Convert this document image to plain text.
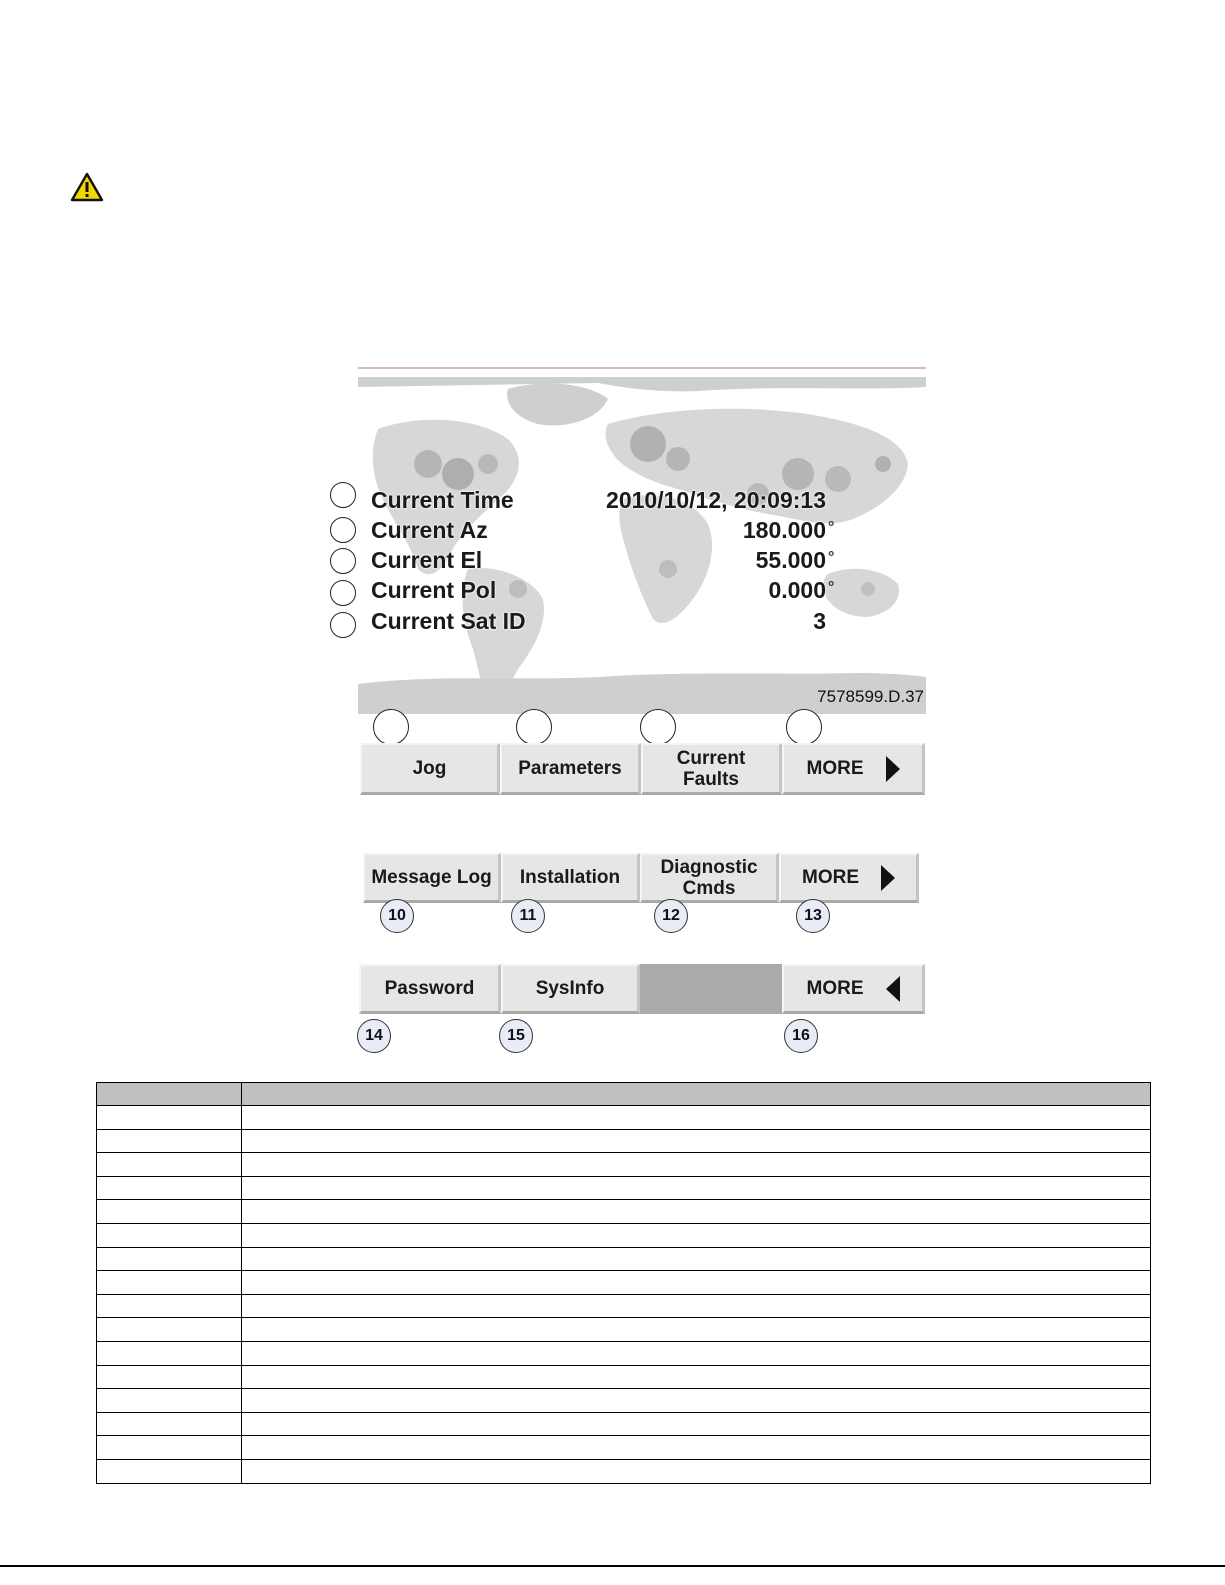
Current Time	2010/10/12, 20:09:13
Current Az	180.000 °
Current El	55.000 °
Current Pol	0.000 °
Current Sat ID	3
7578599.D.37
Jog	Parameters	Current
Faults	MORE
Message Log Installation Diagnostic
Cmds	MORE
10	11	12	13
Password	SysInfo	MORE
14	15	16
